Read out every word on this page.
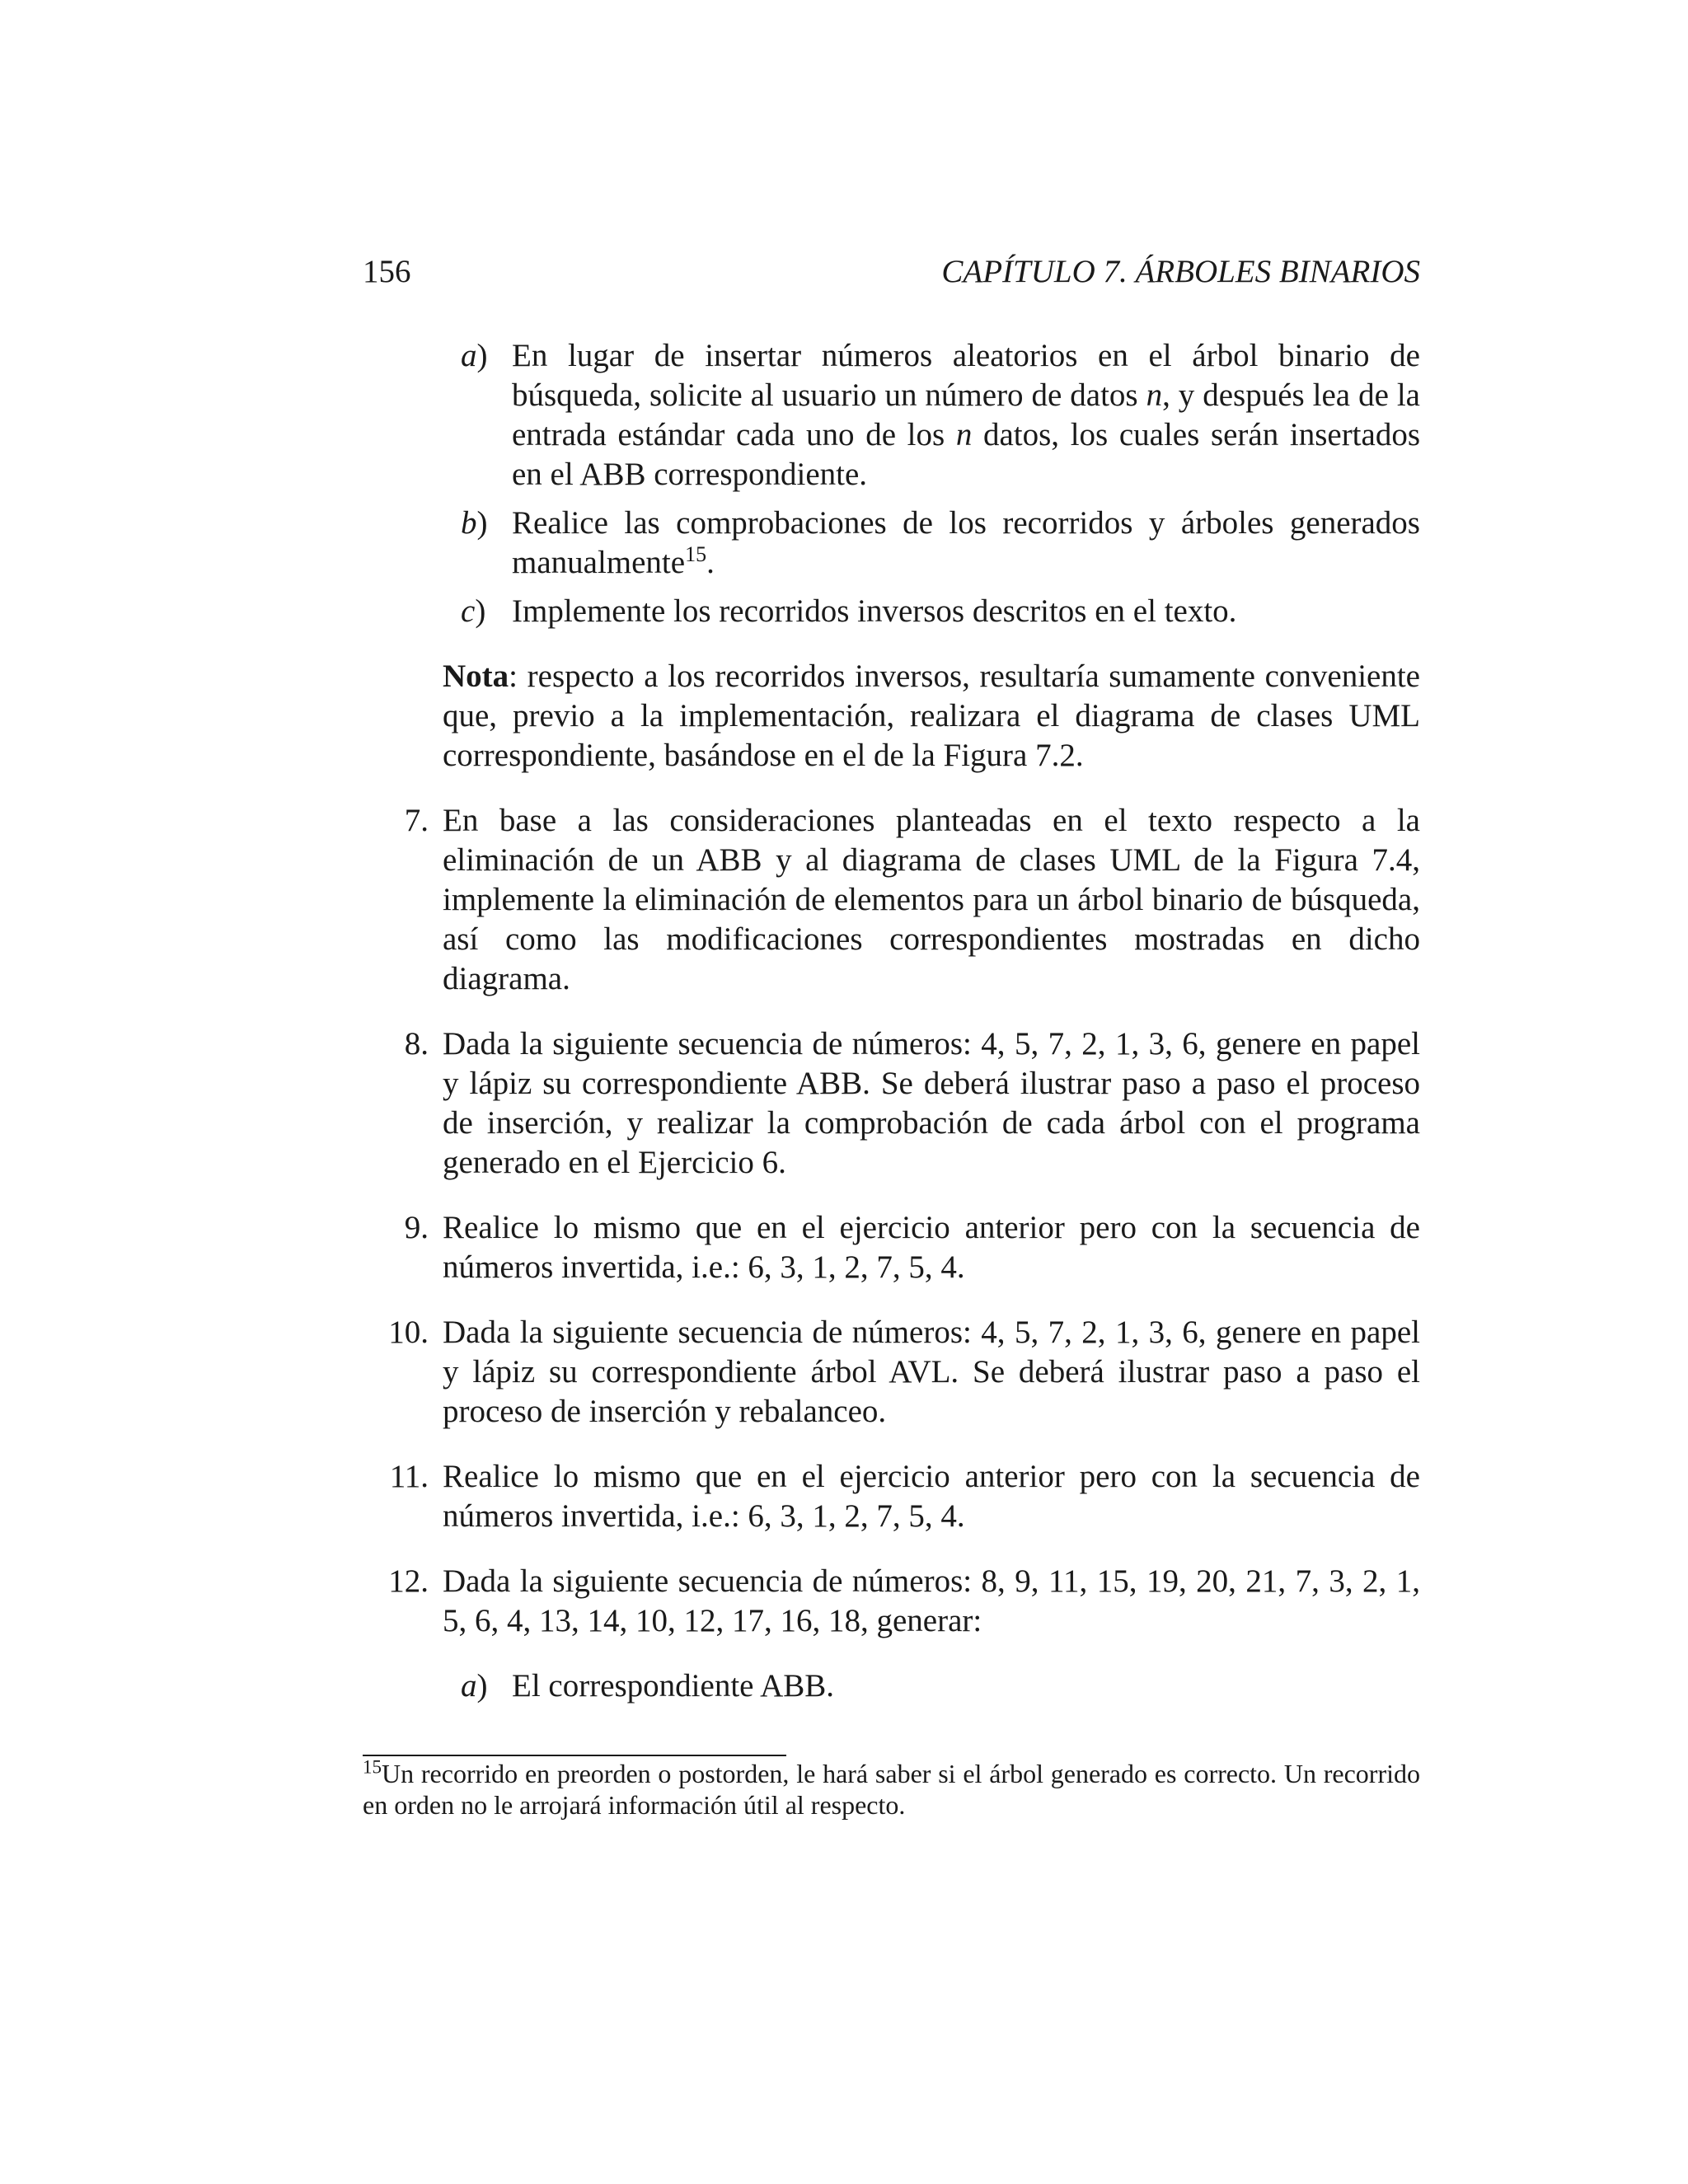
156	CAPÍTULO 7. ÁRBOLES BINARIOS
a) En lugar de insertar números aleatorios en el árbol binario de búsqueda, solicite al usuario un número de datos n, y después lea de la entrada estándar cada uno de los n datos, los cuales serán insertados en el ABB correspondiente.
b) Realice las comprobaciones de los recorridos y árboles generados manualmente$^{15}$.
c) Implemente los recorridos inversos descritos en el texto.
Nota: respecto a los recorridos inversos, resultaría sumamente conveniente que, previo a la implementación, realizara el diagrama de clases UML correspondiente, basándose en el de la Figura 7.2.
7. En base a las consideraciones planteadas en el texto respecto a la eliminación de un ABB y al diagrama de clases UML de la Figura 7.4, implemente la eliminación de elementos para un árbol binario de búsqueda, así como las modificaciones correspondientes mostradas en dicho diagrama.
8. Dada la siguiente secuencia de números: 4, 5, 7, 2, 1, 3, 6, genere en papel y lápiz su correspondiente ABB. Se deberá ilustrar paso a paso el proceso de inserción, y realizar la comprobación de cada árbol con el programa generado en el Ejercicio 6.
9. Realice lo mismo que en el ejercicio anterior pero con la secuencia de números invertida, i.e.: 6, 3, 1, 2, 7, 5, 4.
10. Dada la siguiente secuencia de números: 4, 5, 7, 2, 1, 3, 6, genere en papel y lápiz su correspondiente árbol AVL. Se deberá ilustrar paso a paso el proceso de inserción y rebalanceo.
11. Realice lo mismo que en el ejercicio anterior pero con la secuencia de números invertida, i.e.: 6, 3, 1, 2, 7, 5, 4.
12. Dada la siguiente secuencia de números: 8, 9, 11, 15, 19, 20, 21, 7, 3, 2, 1, 5, 6, 4, 13, 14, 10, 12, 17, 16, 18, generar:
a) El correspondiente ABB.
$^{15}$Un recorrido en preorden o postorden, le hará saber si el árbol generado es correcto. Un recorrido en orden no le arrojará información útil al respecto.
